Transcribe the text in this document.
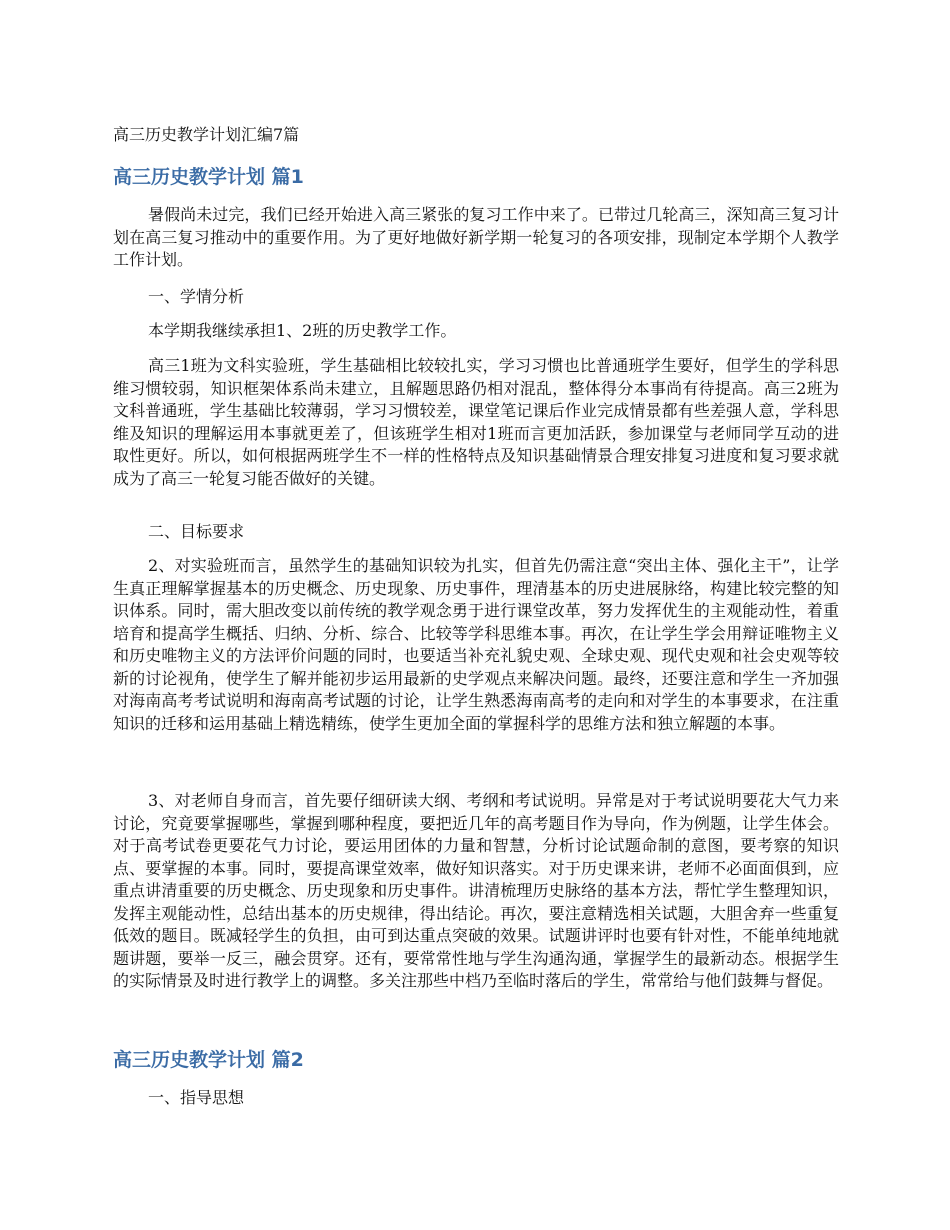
高三历史教学计划汇编7篇
高三历史教学计划 篇1

暑假尚未过完，我们已经开始进入高三紧张的复习工作中来了。已带过几轮高三，深知高三复习计划在高三复习推动中的重要作用。为了更好地做好新学期一轮复习的各项安排，现制定本学期个人教学工作计划。

一、学情分析

本学期我继续承担1、2班的历史教学工作。

高三1班为文科实验班，学生基础相比较较扎实，学习习惯也比普通班学生要好，但学生的学科思维习惯较弱，知识框架体系尚未建立，且解题思路仍相对混乱，整体得分本事尚有待提高。高三2班为文科普通班，学生基础比较薄弱，学习习惯较差，课堂笔记课后作业完成情景都有些差强人意，学科思维及知识的理解运用本事就更差了，但该班学生相对1班而言更加活跃，参加课堂与老师同学互动的进取性更好。所以，如何根据两班学生不一样的性格特点及知识基础情景合理安排复习进度和复习要求就成为了高三一轮复习能否做好的关键。

二、目标要求

2、对实验班而言，虽然学生的基础知识较为扎实，但首先仍需注意“突出主体、强化主干”，让学生真正理解掌握基本的历史概念、历史现象、历史事件，理清基本的历史进展脉络，构建比较完整的知识体系。同时，需大胆改变以前传统的教学观念勇于进行课堂改革，努力发挥优生的主观能动性，着重培育和提高学生概括、归纳、分析、综合、比较等学科思维本事。再次，在让学生学会用辩证唯物主义和历史唯物主义的方法评价问题的同时，也要适当补充礼貌史观、全球史观、现代史观和社会史观等较新的讨论视角，使学生了解并能初步运用最新的史学观点来解决问题。最终，还要注意和学生一齐加强对海南高考考试说明和海南高考试题的讨论，让学生熟悉海南高考的走向和对学生的本事要求，在注重知识的迁移和运用基础上精选精练，使学生更加全面的掌握科学的思维方法和独立解题的本事。

3、对老师自身而言，首先要仔细研读大纲、考纲和考试说明。异常是对于考试说明要花大气力来讨论，究竟要掌握哪些，掌握到哪种程度，要把近几年的高考题目作为导向，作为例题，让学生体会。对于高考试卷更要花气力讨论，要运用团体的力量和智慧，分析讨论试题命制的意图，要考察的知识点、要掌握的本事。同时，要提高课堂效率，做好知识落实。对于历史课来讲，老师不必面面俱到，应重点讲清重要的历史概念、历史现象和历史事件。讲清梳理历史脉络的基本方法，帮忙学生整理知识，发挥主观能动性，总结出基本的历史规律，得出结论。再次，要注意精选相关试题，大胆舍弃一些重复低效的题目。既减轻学生的负担，由可到达重点突破的效果。试题讲评时也要有针对性，不能单纯地就题讲题，要举一反三，融会贯穿。还有，要常常性地与学生沟通沟通，掌握学生的最新动态。根据学生的实际情景及时进行教学上的调整。多关注那些中档乃至临时落后的学生，常常给与他们鼓舞与督促。

高三历史教学计划 篇2
一、指导思想
